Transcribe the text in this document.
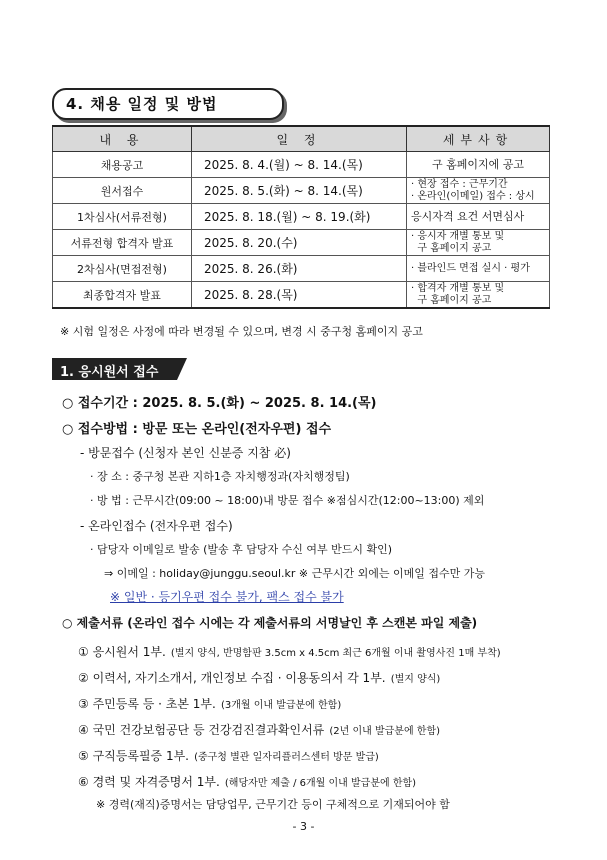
4. 채용 일정 및 방법
내 용	일 정	세부사항
채용공고	2025. 8. 4.(월) ~ 8. 14.(목)	구 홈페이지에 공고
원서접수	2025. 8. 5.(화) ~ 8. 14.(목)	· 현장 접수 : 근무기간
· 온라인(이메일) 접수 : 상시
1차심사(서류전형)	2025. 8. 18.(월) ~ 8. 19.(화)	응시자격 요건 서면심사
서류전형 합격자 발표	2025. 8. 20.(수)	· 응시자 개별 통보 및
구 홈페이지 공고
2차심사(면접전형)	2025. 8. 26.(화)	· 블라인드 면접 실시 · 평가
최종합격자 발표	2025. 8. 28.(목)	· 합격자 개별 통보 및
구 홈페이지 공고
※ 시험 일정은 사정에 따라 변경될 수 있으며, 변경 시 중구청 홈페이지 공고
1. 응시원서 접수
○ 접수기간 : 2025. 8. 5.(화) ~ 2025. 8. 14.(목)
○ 접수방법 : 방문 또는 온라인(전자우편) 접수
- 방문접수 (신청자 본인 신분증 지참 必)
· 장 소 : 중구청 본관 지하1층 자치행정과(자치행정팀)
· 방 법 : 근무시간(09:00 ~ 18:00)내 방문 접수 ※점심시간(12:00~13:00) 제외
- 온라인접수 (전자우편 접수)
· 담당자 이메일로 발송 (발송 후 담당자 수신 여부 반드시 확인)
⇒ 이메일 : holiday@junggu.seoul.kr ※ 근무시간 외에는 이메일 접수만 가능
※ 일반 · 등기우편 접수 불가, 팩스 접수 불가
○ 제출서류 (온라인 접수 시에는 각 제출서류의 서명날인 후 스캔본 파일 제출)
① 응시원서 1부. (별지 양식, 반명함판 3.5cm x 4.5cm 최근 6개월 이내 촬영사진 1매 부착)
② 이력서, 자기소개서, 개인정보 수집 · 이용동의서 각 1부. (별지 양식)
③ 주민등록 등 · 초본 1부. (3개월 이내 발급분에 한함)
④ 국민 건강보험공단 등 건강검진결과확인서류 (2년 이내 발급분에 한함)
⑤ 구직등록필증 1부. (중구청 별관 일자리플러스센터 방문 발급)
⑥ 경력 및 자격증명서 1부. (해당자만 제출 / 6개월 이내 발급분에 한함)
※ 경력(재직)증명서는 담당업무, 근무기간 등이 구체적으로 기재되어야 함
- 3 -
